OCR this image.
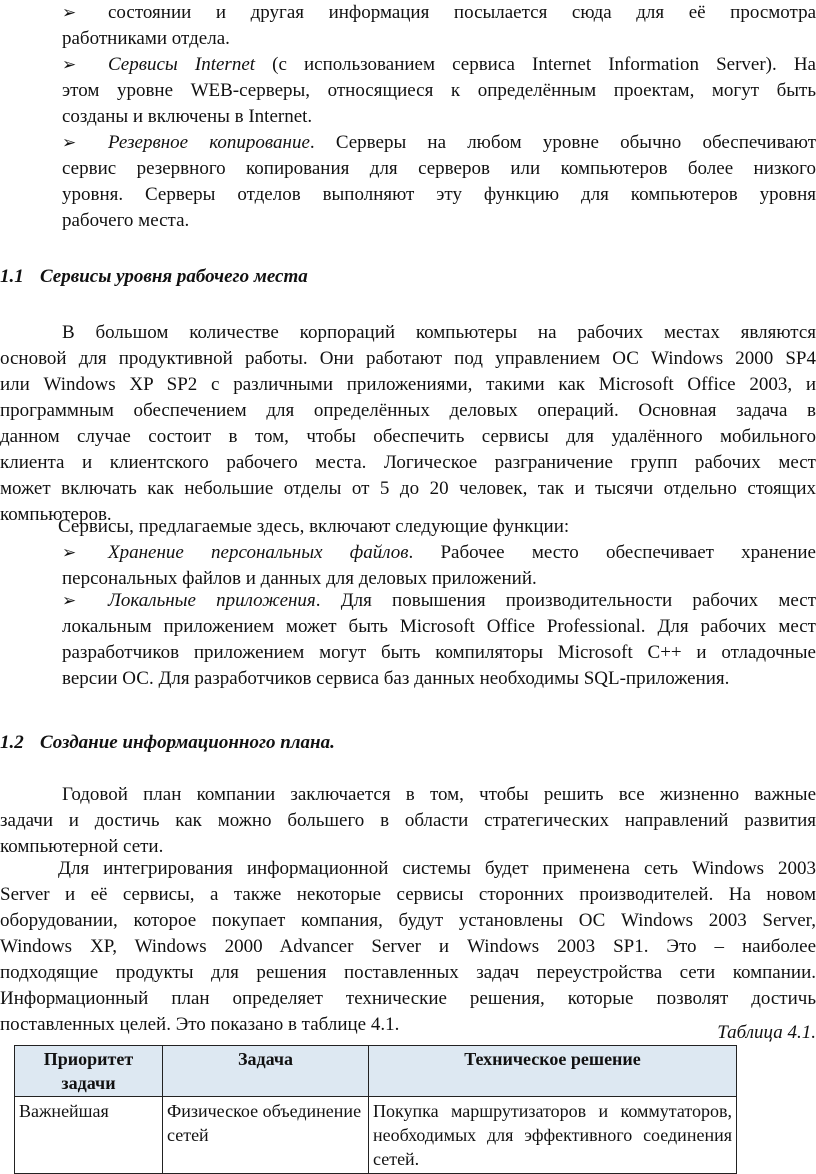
➢	состоянии и другая информация посылается сюда для её просмотра
работниками отдела.
➢	Сервисы Internet (с использованием сервиса Internet Information Server). На
этом уровне WEB-серверы, относящиеся к определённым проектам, могут быть
созданы и включены в Internet.
➢	Резервное копирование. Серверы на любом уровне обычно обеспечивают
сервис резервного копирования для серверов или компьютеров более низкого
уровня. Серверы отделов выполняют эту функцию для компьютеров уровня
рабочего места.
1.1 Сервисы уровня рабочего места
В большом количестве корпораций компьютеры на рабочих местах являются
основой для продуктивной работы. Они работают под управлением ОС Windows 2000 SP4
или Windows XP SP2 с различными приложениями, такими как Microsoft Office 2003, и
программным обеспечением для определённых деловых операций. Основная задача в
данном случае состоит в том, чтобы обеспечить сервисы для удалённого мобильного
клиента и клиентского рабочего места. Логическое разграничение групп рабочих мест
может включать как небольшие отделы от 5 до 20 человек, так и тысячи отдельно стоящих
компьютеров.
Сервисы, предлагаемые здесь, включают следующие функции:
➢	Хранение персональных файлов. Рабочее место обеспечивает хранение
персональных файлов и данных для деловых приложений.
➢	Локальные приложения. Для повышения производительности рабочих мест
локальным приложением может быть Microsoft Office Professional. Для рабочих мест
разработчиков приложением могут быть компиляторы Microsoft C++ и отладочные
версии ОС. Для разработчиков сервиса баз данных необходимы SQL-приложения.
1.2 Создание информационного плана.
Годовой план компании заключается в том, чтобы решить все жизненно важные
задачи и достичь как можно большего в области стратегических направлений развития
компьютерной сети.
Для интегрирования информационной системы будет применена сеть Windows 2003
Server и её сервисы, а также некоторые сервисы сторонних производителей. На новом
оборудовании, которое покупает компания, будут установлены ОС Windows 2003 Server,
Windows XP, Windows 2000 Advancer Server и Windows 2003 SP1. Это – наиболее
подходящие продукты для решения поставленных задач переустройства сети компании.
Информационный план определяет технические решения, которые позволят достичь
поставленных целей. Это показано в таблице 4.1.	Таблица 4.1.
Приоритет задачи	Задача	Техническое решение
Важнейшая	Физическое объединение сетей	Покупка маршрутизаторов и коммутаторов, необходимых для эффективного соединения сетей.
